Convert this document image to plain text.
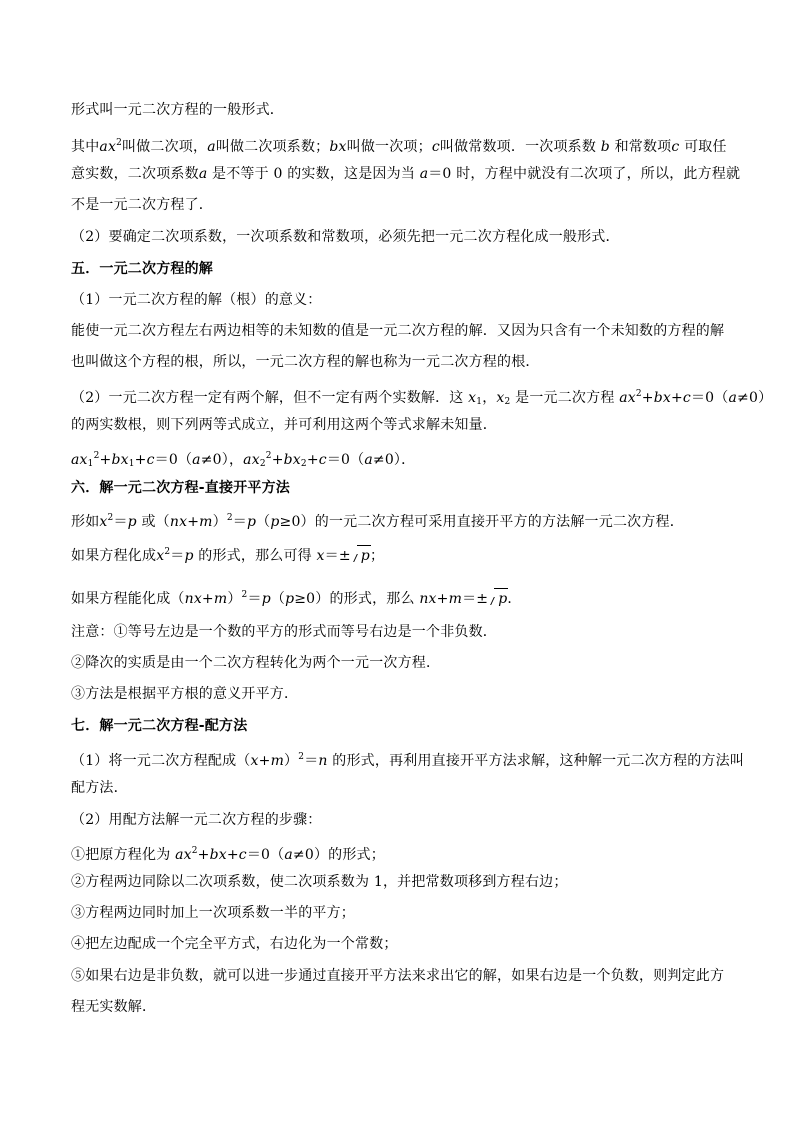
形式叫一元二次方程的一般形式．
其中$ax^2$叫做二次项，a叫做二次项系数；bx叫做一次项；c叫做常数项．一次项系数 b 和常数项c 可取任
意实数，二次项系数a 是不等于 0 的实数，这是因为当 a＝0 时，方程中就没有二次项了，所以，此方程就
不是一元二次方程了．
（2）要确定二次项系数，一次项系数和常数项，必须先把一元二次方程化成一般形式．
五．一元二次方程的解
（1）一元二次方程的解（根）的意义：
能使一元二次方程左右两边相等的未知数的值是一元二次方程的解．又因为只含有一个未知数的方程的解
也叫做这个方程的根，所以，一元二次方程的解也称为一元二次方程的根．
（2）一元二次方程一定有两个解，但不一定有两个实数解．这 $x_1$，$x_2$ 是一元二次方程 $ax^2+bx+c=0(a\ne 0)$
的两实数根，则下列两等式成立，并可利用这两个等式求解未知量．
$ax_1^2+bx_1+c=0(a\ne 0)$，$ax_2^2+bx_2+c=0(a\ne 0)$．
六．解一元二次方程-直接开平方法
形如$x^2=p$ 或$(nx+m)^2=p(p\ge 0)$的一元二次方程可采用直接开平方的方法解一元二次方程．
如果方程化成$x^2=p$ 的形式，那么可得 x＝± p；
如果方程能化成$(nx+m)^2=p(p\ge 0)$的形式，那么 nx+m＝± p．
注意：①等号左边是一个数的平方的形式而等号右边是一个非负数．
②降次的实质是由一个二次方程转化为两个一元一次方程．
③方法是根据平方根的意义开平方．
七．解一元二次方程-配方法
（1）将一元二次方程配成$(x+m)^2=n$ 的形式，再利用直接开平方法求解，这种解一元二次方程的方法叫
配方法．
（2）用配方法解一元二次方程的步骤：
①把原方程化为 $ax^2+bx+c=0(a\ne 0)$的形式；
②方程两边同除以二次项系数，使二次项系数为 1，并把常数项移到方程右边；
③方程两边同时加上一次项系数一半的平方；
④把左边配成一个完全平方式，右边化为一个常数；
⑤如果右边是非负数，就可以进一步通过直接开平方法来求出它的解，如果右边是一个负数，则判定此方
程无实数解．
